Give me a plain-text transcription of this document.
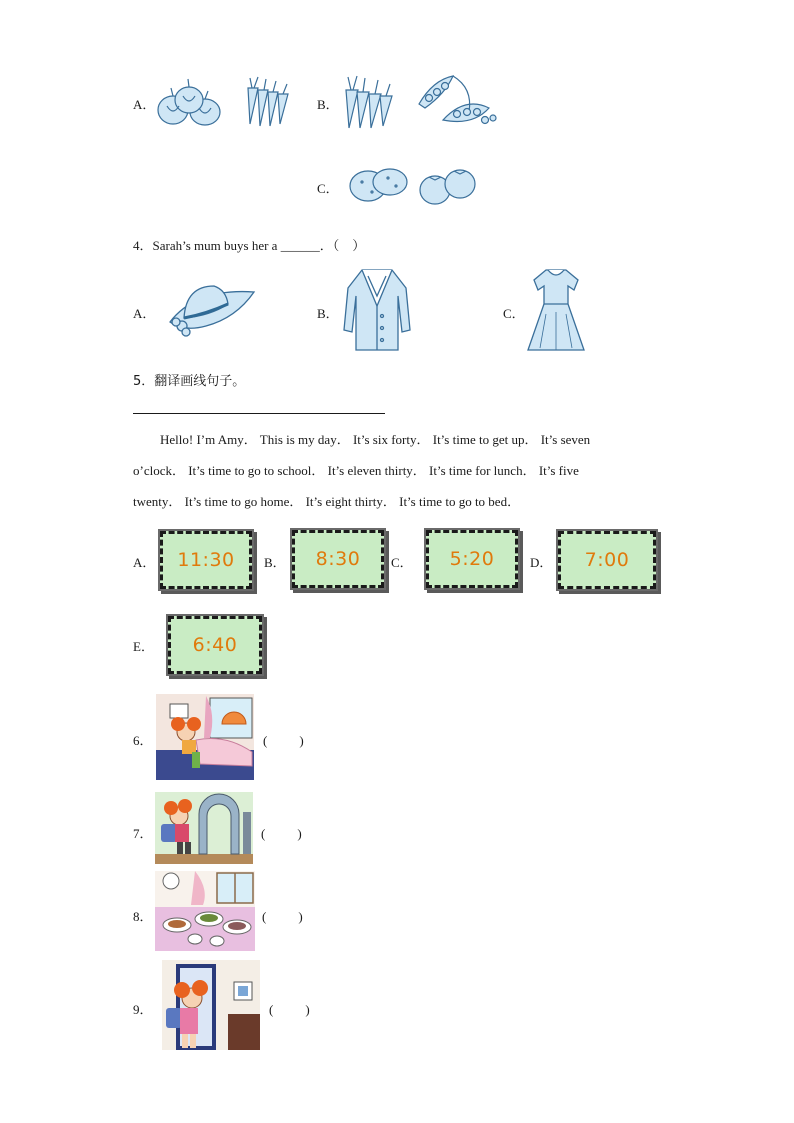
A．	B．
C．
4．Sarah’s mum buys her a ______．（　）
A．	B．	C．
5．翻译画线句子。
Hello! I’m Amy． This is my day． It’s six forty． It’s time to get up． It’s seven
o’clock． It’s time to go to school． It’s eleven thirty． It’s time for lunch． It’s five
twenty． It’s time to go home． It’s eight thirty． It’s time to go to bed．
A． 11:30 B． 8:30 C． 5:20	D． 7:00
E． 6:40
6．	(　　)
7．	(　　)
8．	(　　)
9．	(　　)
